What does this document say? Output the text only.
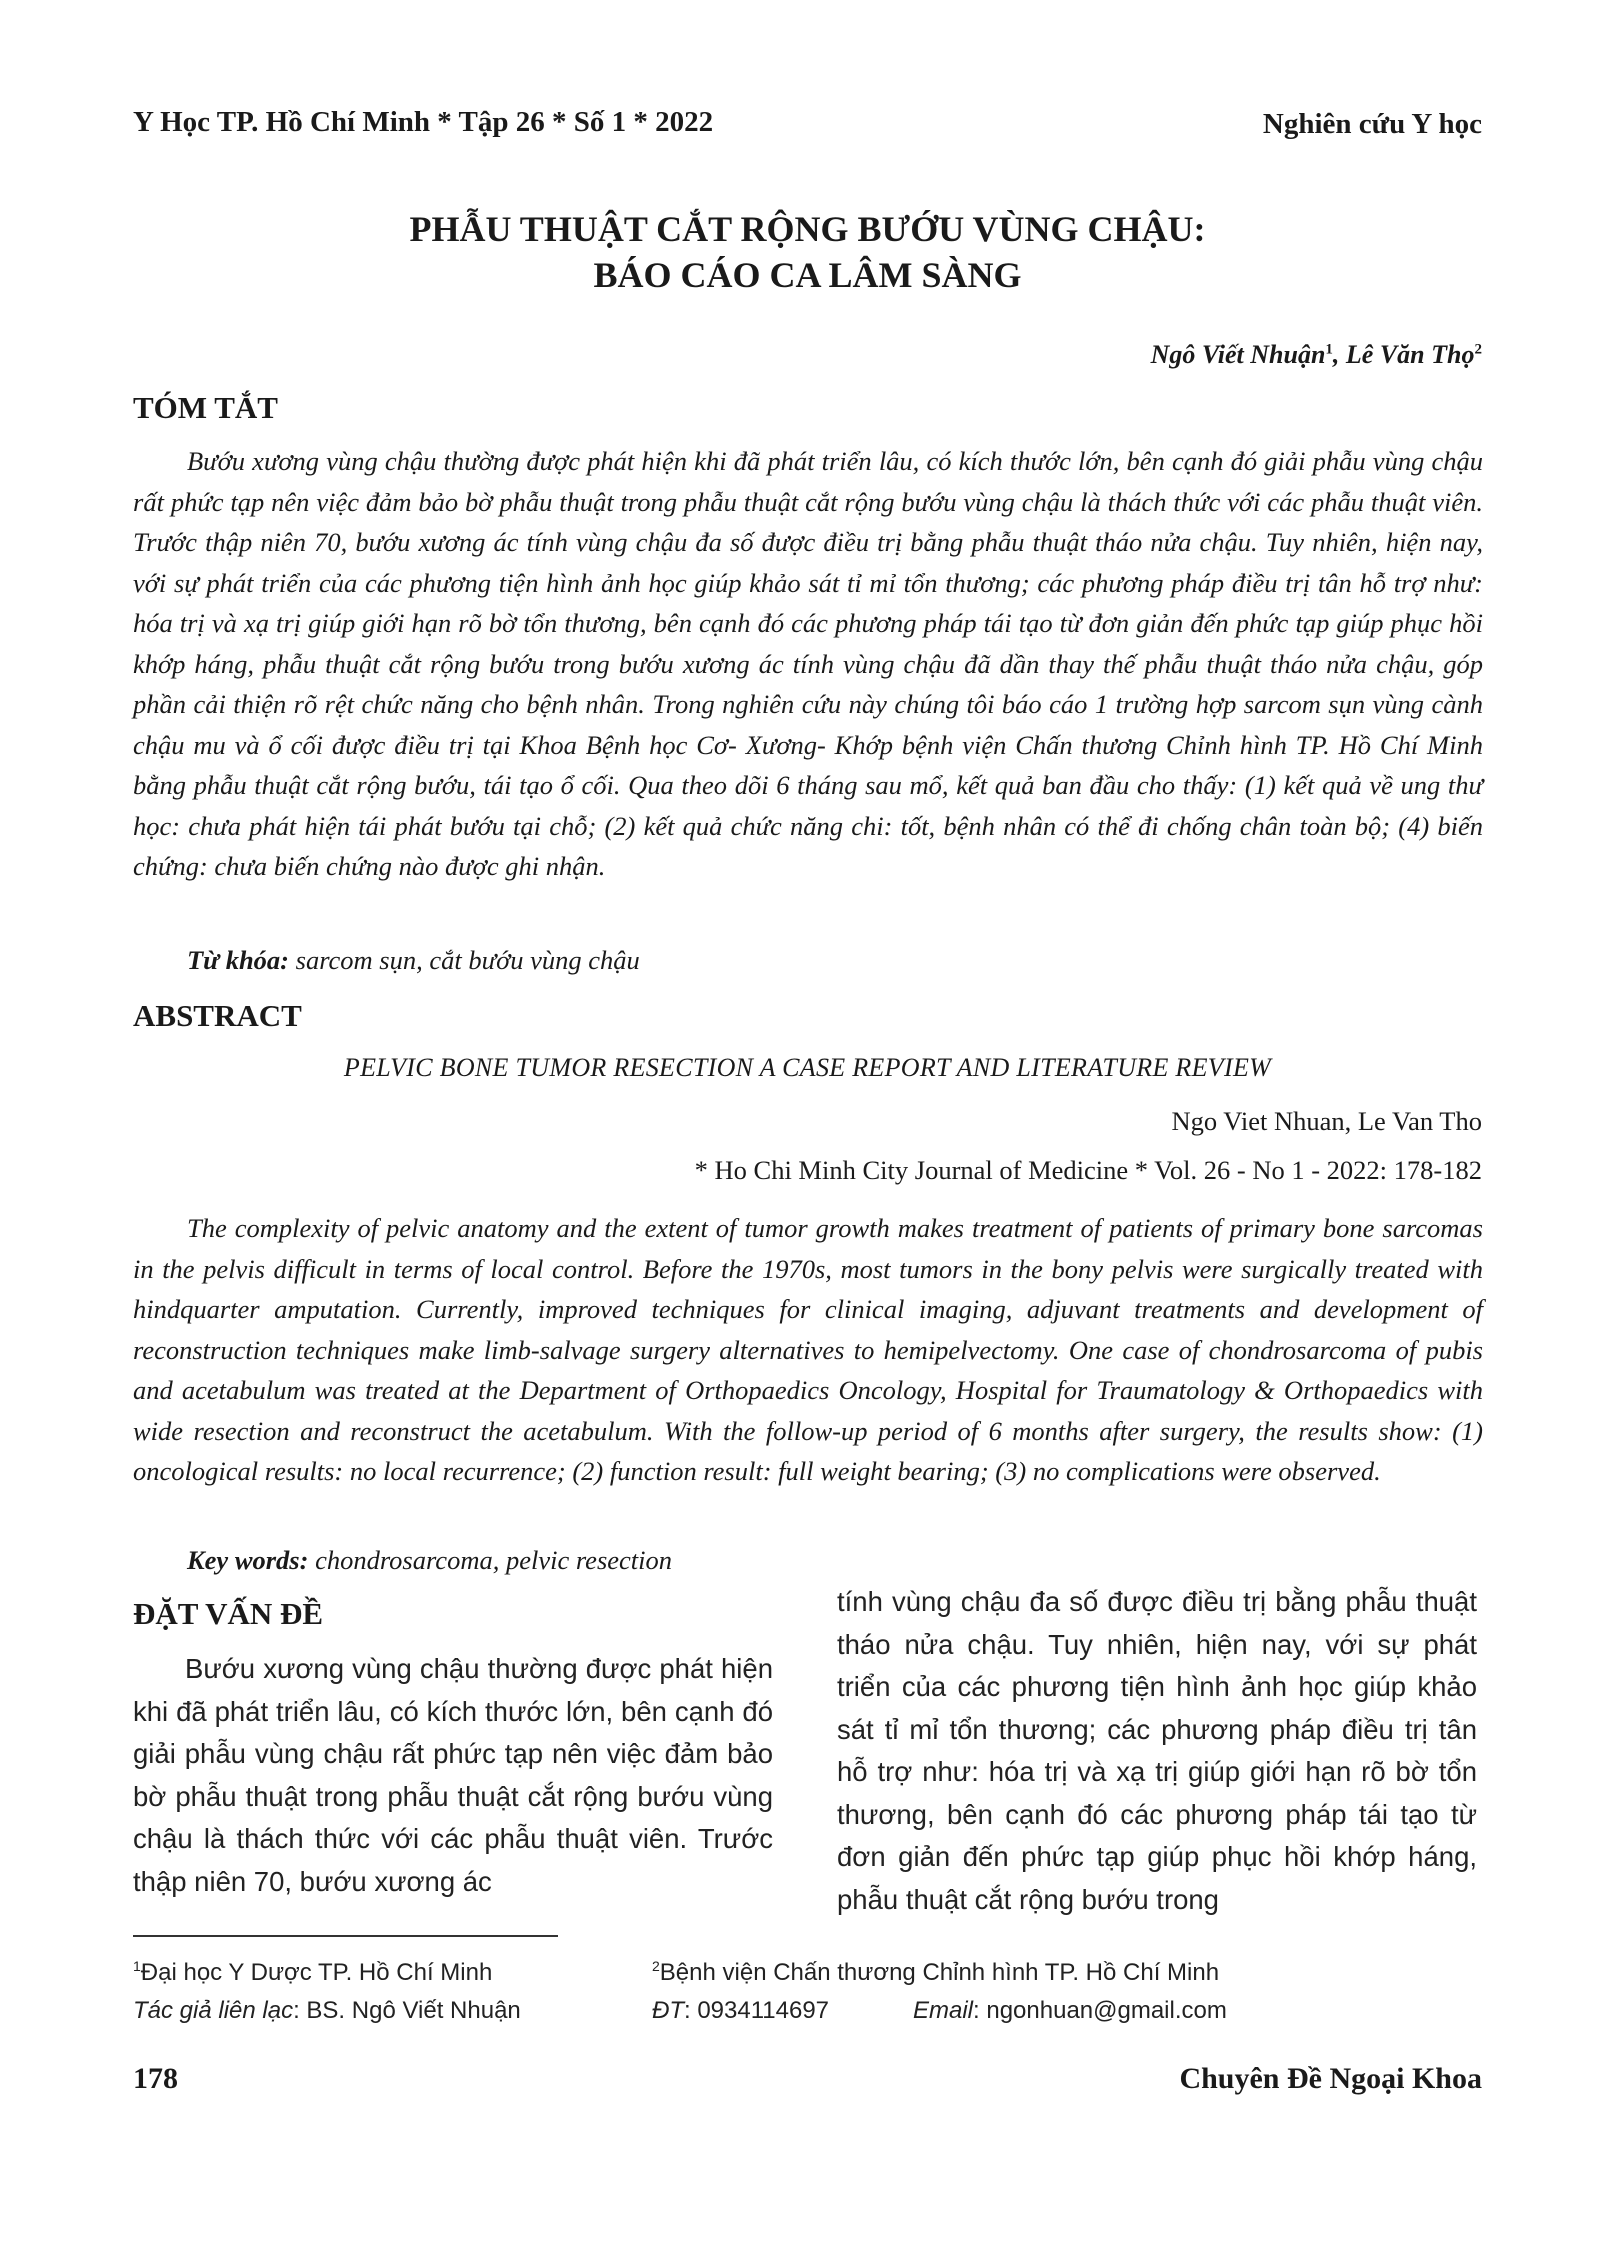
Y Học TP. Hồ Chí Minh * Tập 26 * Số 1 * 2022	Nghiên cứu Y học
PHẪU THUẬT CẮT RỘNG BƯỚU VÙNG CHẬU:
BÁO CÁO CA LÂM SÀNG
Ngô Viết Nhuận$^1$, Lê Văn Thọ$^2$
TÓM TẮT
Bướu xương vùng chậu thường được phát hiện khi đã phát triển lâu, có kích thước lớn, bên cạnh đó giải phẫu vùng chậu rất phức tạp nên việc đảm bảo bờ phẫu thuật trong phẫu thuật cắt rộng bướu vùng chậu là thách thức với các phẫu thuật viên. Trước thập niên 70, bướu xương ác tính vùng chậu đa số được điều trị bằng phẫu thuật tháo nửa chậu. Tuy nhiên, hiện nay, với sự phát triển của các phương tiện hình ảnh học giúp khảo sát tỉ mỉ tổn thương; các phương pháp điều trị tân hỗ trợ như: hóa trị và xạ trị giúp giới hạn rõ bờ tổn thương, bên cạnh đó các phương pháp tái tạo từ đơn giản đến phức tạp giúp phục hồi khớp háng, phẫu thuật cắt rộng bướu trong bướu xương ác tính vùng chậu đã dần thay thế phẫu thuật tháo nửa chậu, góp phần cải thiện rõ rệt chức năng cho bệnh nhân. Trong nghiên cứu này chúng tôi báo cáo 1 trường hợp sarcom sụn vùng cành chậu mu và ổ cối được điều trị tại Khoa Bệnh học Cơ- Xương- Khớp bệnh viện Chấn thương Chỉnh hình TP. Hồ Chí Minh bằng phẫu thuật cắt rộng bướu, tái tạo ổ cối. Qua theo dõi 6 tháng sau mổ, kết quả ban đầu cho thấy: (1) kết quả về ung thư học: chưa phát hiện tái phát bướu tại chỗ; (2) kết quả chức năng chi: tốt, bệnh nhân có thể đi chống chân toàn bộ; (4) biến chứng: chưa biến chứng nào được ghi nhận.
Từ khóa: sarcom sụn, cắt bướu vùng chậu
ABSTRACT
PELVIC BONE TUMOR RESECTION A CASE REPORT AND LITERATURE REVIEW
Ngo Viet Nhuan, Le Van Tho
* Ho Chi Minh City Journal of Medicine * Vol. 26 - No 1 - 2022: 178-182
The complexity of pelvic anatomy and the extent of tumor growth makes treatment of patients of primary bone sarcomas in the pelvis difficult in terms of local control. Before the 1970s, most tumors in the bony pelvis were surgically treated with hindquarter amputation. Currently, improved techniques for clinical imaging, adjuvant treatments and development of reconstruction techniques make limb-salvage surgery alternatives to hemipelvectomy. One case of chondrosarcoma of pubis and acetabulum was treated at the Department of Orthopaedics Oncology, Hospital for Traumatology & Orthopaedics with wide resection and reconstruct the acetabulum. With the follow-up period of 6 months after surgery, the results show: (1) oncological results: no local recurrence; (2) function result: full weight bearing; (3) no complications were observed.
Key words: chondrosarcoma, pelvic resection
ĐẶT VẤN ĐỀ
Bướu xương vùng chậu thường được phát hiện khi đã phát triển lâu, có kích thước lớn, bên cạnh đó giải phẫu vùng chậu rất phức tạp nên việc đảm bảo bờ phẫu thuật trong phẫu thuật cắt rộng bướu vùng chậu là thách thức với các phẫu thuật viên. Trước thập niên 70, bướu xương ác
tính vùng chậu đa số được điều trị bằng phẫu thuật tháo nửa chậu. Tuy nhiên, hiện nay, với sự phát triển của các phương tiện hình ảnh học giúp khảo sát tỉ mỉ tổn thương; các phương pháp điều trị tân hỗ trợ như: hóa trị và xạ trị giúp giới hạn rõ bờ tổn thương, bên cạnh đó các phương pháp tái tạo từ đơn giản đến phức tạp giúp phục hồi khớp háng, phẫu thuật cắt rộng bướu trong
$^1$Đại học Y Dược TP. Hồ Chí Minh	$^2$Bệnh viện Chấn thương Chỉnh hình TP. Hồ Chí Minh
Tác giả liên lạc: BS. Ngô Viết Nhuận	ĐT: 0934114697	Email: ngonhuan@gmail.com
178	Chuyên Đề Ngoại Khoa
